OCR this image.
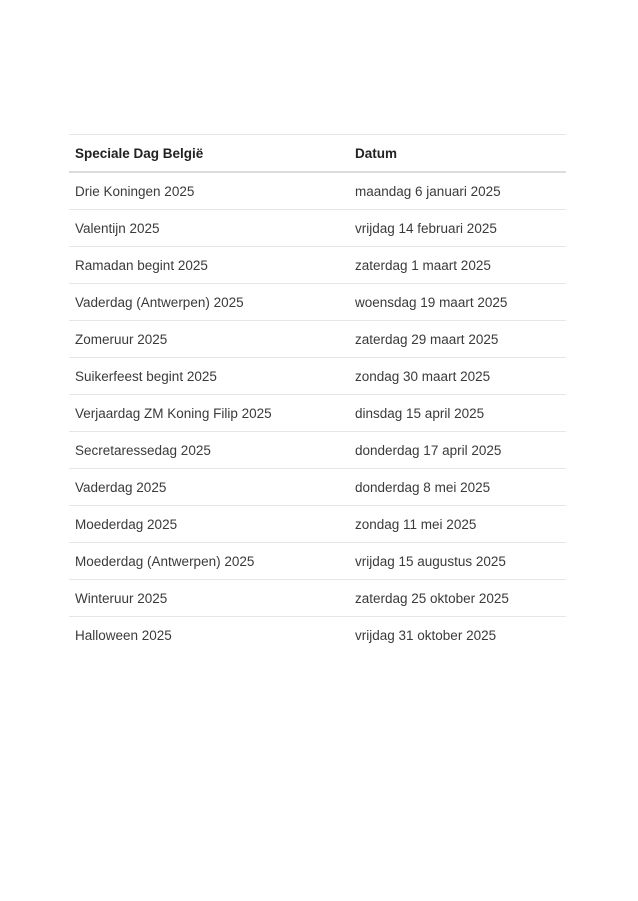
Speciale Dag België	Datum
Drie Koningen 2025	maandag 6 januari 2025
Valentijn 2025	vrijdag 14 februari 2025
Ramadan begint 2025	zaterdag 1 maart 2025
Vaderdag (Antwerpen) 2025	woensdag 19 maart 2025
Zomeruur 2025	zaterdag 29 maart 2025
Suikerfeest begint 2025	zondag 30 maart 2025
Verjaardag ZM Koning Filip 2025	dinsdag 15 april 2025
Secretaressedag 2025	donderdag 17 april 2025
Vaderdag 2025	donderdag 8 mei 2025
Moederdag 2025	zondag 11 mei 2025
Moederdag (Antwerpen) 2025	vrijdag 15 augustus 2025
Winteruur 2025	zaterdag 25 oktober 2025
Halloween 2025	vrijdag 31 oktober 2025
